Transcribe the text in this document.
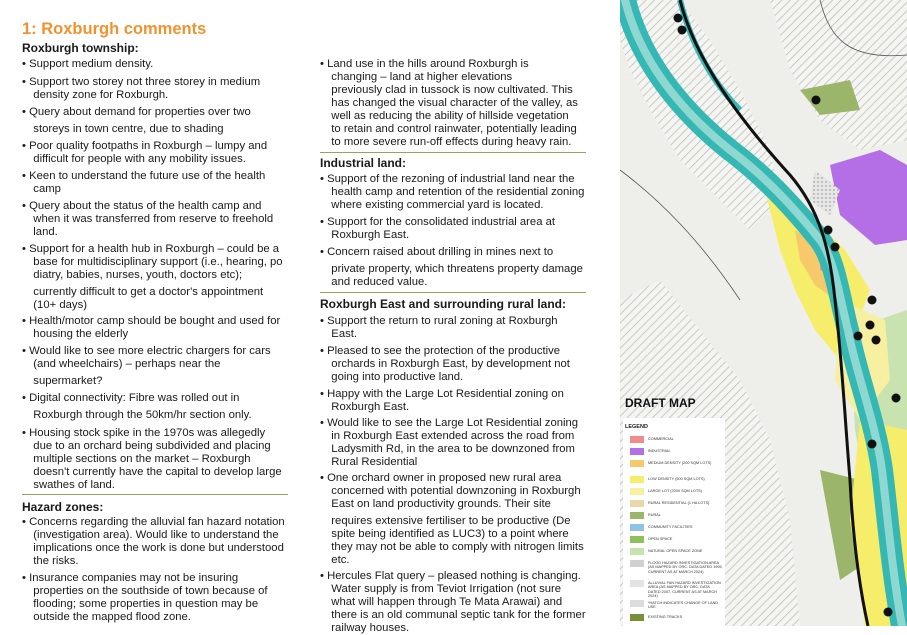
1: Roxburgh comments
Roxburgh township:
• Support medium density.
• Support two storey not three storey in medium
 density zone for Roxburgh.
• Query about demand for properties over two
 storeys in town centre, due to shading
• Poor quality footpaths in Roxburgh – lumpy and
 difficult for people with any mobility issues.
• Keen to understand the future use of the health
 camp
• Query about the status of the health camp and
 when it was transferred from reserve to freehold
 land.
• Support for a health hub in Roxburgh – could be a
 base for multidisciplinary support (i.e., hearing, po
 diatry, babies, nurses, youth, doctors etc);
 currently difficult to get a doctor's appointment
 (10+ days)
• Health/motor camp should be bought and used for
 housing the elderly
• Would like to see more electric chargers for cars
 (and wheelchairs) – perhaps near the
 supermarket?
• Digital connectivity: Fibre was rolled out in
 Roxburgh through the 50km/hr section only.
• Housing stock spike in the 1970s was allegedly
 due to an orchard being subdivided and placing
 multiple sections on the market – Roxburgh
 doesn't currently have the capital to develop large
 swathes of land.
Hazard zones:
• Concerns regarding the alluvial fan hazard notation
 (investigation area). Would like to understand the
 implications once the work is done but understood
 the risks.
• Insurance companies may not be insuring
 properties on the southside of town because of
 flooding; some properties in question may be
 outside the mapped flood zone.
• Land use in the hills around Roxburgh is
 changing – land at higher elevations
 previously clad in tussock is now cultivated. This
 has changed the visual character of the valley, as
 well as reducing the ability of hillside vegetation
 to retain and control rainwater, potentially leading
 to more severe run-off effects during heavy rain.
Industrial land:
• Support of the rezoning of industrial land near the
 health camp and retention of the residential zoning
 where existing commercial yard is located.
• Support for the consolidated industrial area at
 Roxburgh East.
• Concern raised about drilling in mines next to
 private property, which threatens property damage
 and reduced value.
Roxburgh East and surrounding rural land:
• Support the return to rural zoning at Roxburgh
 East.
• Pleased to see the protection of the productive
 orchards in Roxburgh East, by development not
 going into productive land.
• Happy with the Large Lot Residential zoning on
 Roxburgh East.
• Would like to see the Large Lot Residential zoning
 in Roxburgh East extended across the road from
 Ladysmith Rd, in the area to be downzoned from
 Rural Residential
• One orchard owner in proposed new rural area
 concerned with potential downzoning in Roxburgh
 East on land productivity grounds. Their site
 requires extensive fertiliser to be productive (De
 spite being identified as LUC3) to a point where
 they may not be able to comply with nitrogen limits
 etc.
• Hercules Flat query – pleased nothing is changing.
 Water supply is from Teviot Irrigation (not sure
 what will happen through Te Mata Arawai) and
 there is an old communal septic tank for the former
 railway houses.
DRAFT MAP
LEGEND
COMMERCIAL
INDUSTRIAL
MEDIUM DENSITY (200 SQM LOTS)
LOW DENSITY (500 SQM LOTS)
LARGE LOT (2000 SQM LOTS)
RURAL RESIDENTIAL (1 HA LOTS)
RURAL
COMMUNITY FACILITIES
OPEN SPACE
NATURAL OPEN SPACE ZONE
FLOOD HAZARD INVESTIGATION AREA (AS MAPPED BY ORC. DATA DATED 1995, CURRENT AS AT MARCH 2024)
ALLUVIAL FAN HAZARD INVESTIGATION AREA (AS MAPPED BY ORC. DATA DATED 2007, CURRENT AS AT MARCH 2024)
*HATCH INDICATES CHANGE OF LAND USE
EXISTING TRACKS
